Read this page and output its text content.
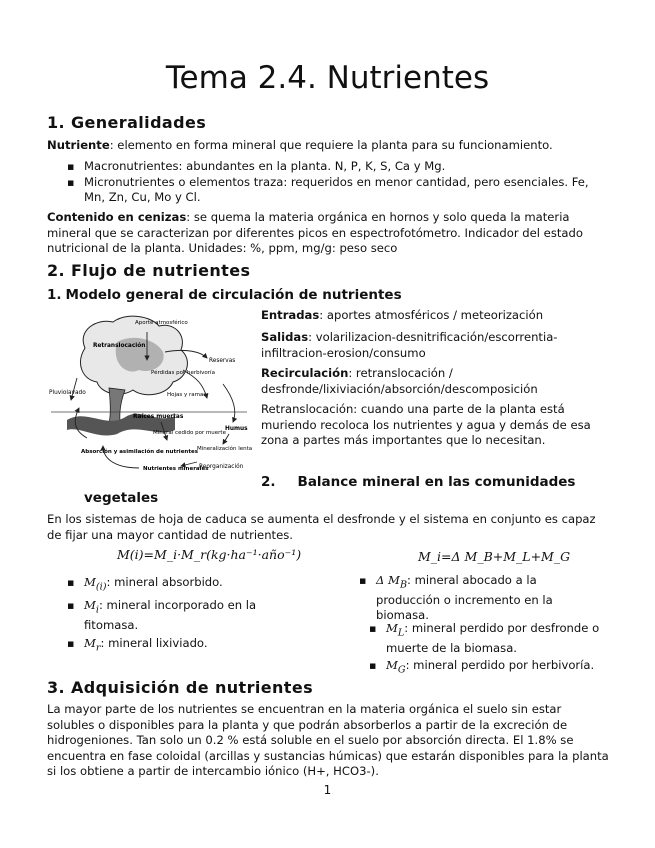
Tema 2.4. Nutrientes
1. Generalidades
Nutriente: elemento en forma mineral que requiere la planta para su funcionamiento.
▪ Macronutrientes: abundantes en la planta. N, P, K, S, Ca y Mg.
▪ Micronutrientes o elementos traza: requeridos en menor cantidad, pero esenciales. Fe, Mn, Zn, Cu, Mo y Cl.
Contenido en cenizas: se quema la materia orgánica en hornos y solo queda la materia mineral que se caracterizan por diferentes picos en espectrofotómetro. Indicador del estado nutricional de la planta. Unidades: %, ppm, mg/g: peso seco
2. Flujo de nutrientes
1. Modelo general de circulación de nutrientes
Aporte atmosférico
Retranslocación
Reservas
Pérdidas por herbivoría
Pluviolavado	Hojas y ramas
Raíces muertas
Mineral cedido por muerte
Humus
Absorción y asimilación de nutrientes Mineralización lenta
Nutrientes minerales
Reorganización
Entradas: aportes atmosféricos / meteorización
Salidas: volarilizacion-desnitrificación/escorrentia-infiltracion-erosion/consumo
Recirculación: retranslocación / desfronde/lixiviación/absorción/descomposición
Retranslocación: cuando una parte de la planta está muriendo recoloca los nutrientes y agua y demás de esa zona a partes más importantes que lo necesitan.
2. Balance mineral en las comunidades
vegetales
En los sistemas de hoja de caduca se aumenta el desfronde y el sistema en conjunto es capaz de fijar una mayor cantidad de nutrientes.
M(i)=M_i·M_r(kg·ha⁻¹·año⁻¹)	M_i=Δ M_B+M_L+M_G
▪ $M_{(i)}$: mineral absorbido.
▪ $M_i$: mineral incorporado en la fitomasa.
▪ $M_r$: mineral lixiviado.
▪ Δ $M_B$: mineral abocado a la producción o incremento en la biomasa.
▪ $M_L$: mineral perdido por desfronde o muerte de la biomasa.
▪ $M_G$: mineral perdido por herbivoría.
3. Adquisición de nutrientes
La mayor parte de los nutrientes se encuentran en la materia orgánica el suelo sin estar solubles o disponibles para la planta y que podrán absorberlos a partir de la excreción de hidrogeniones. Tan solo un 0.2 % está soluble en el suelo por absorción directa. El 1.8% se encuentra en fase coloidal (arcillas y sustancias húmicas) que estarán disponibles para la planta si los obtiene a partir de intercambio iónico (H+, HCO3-).
1
